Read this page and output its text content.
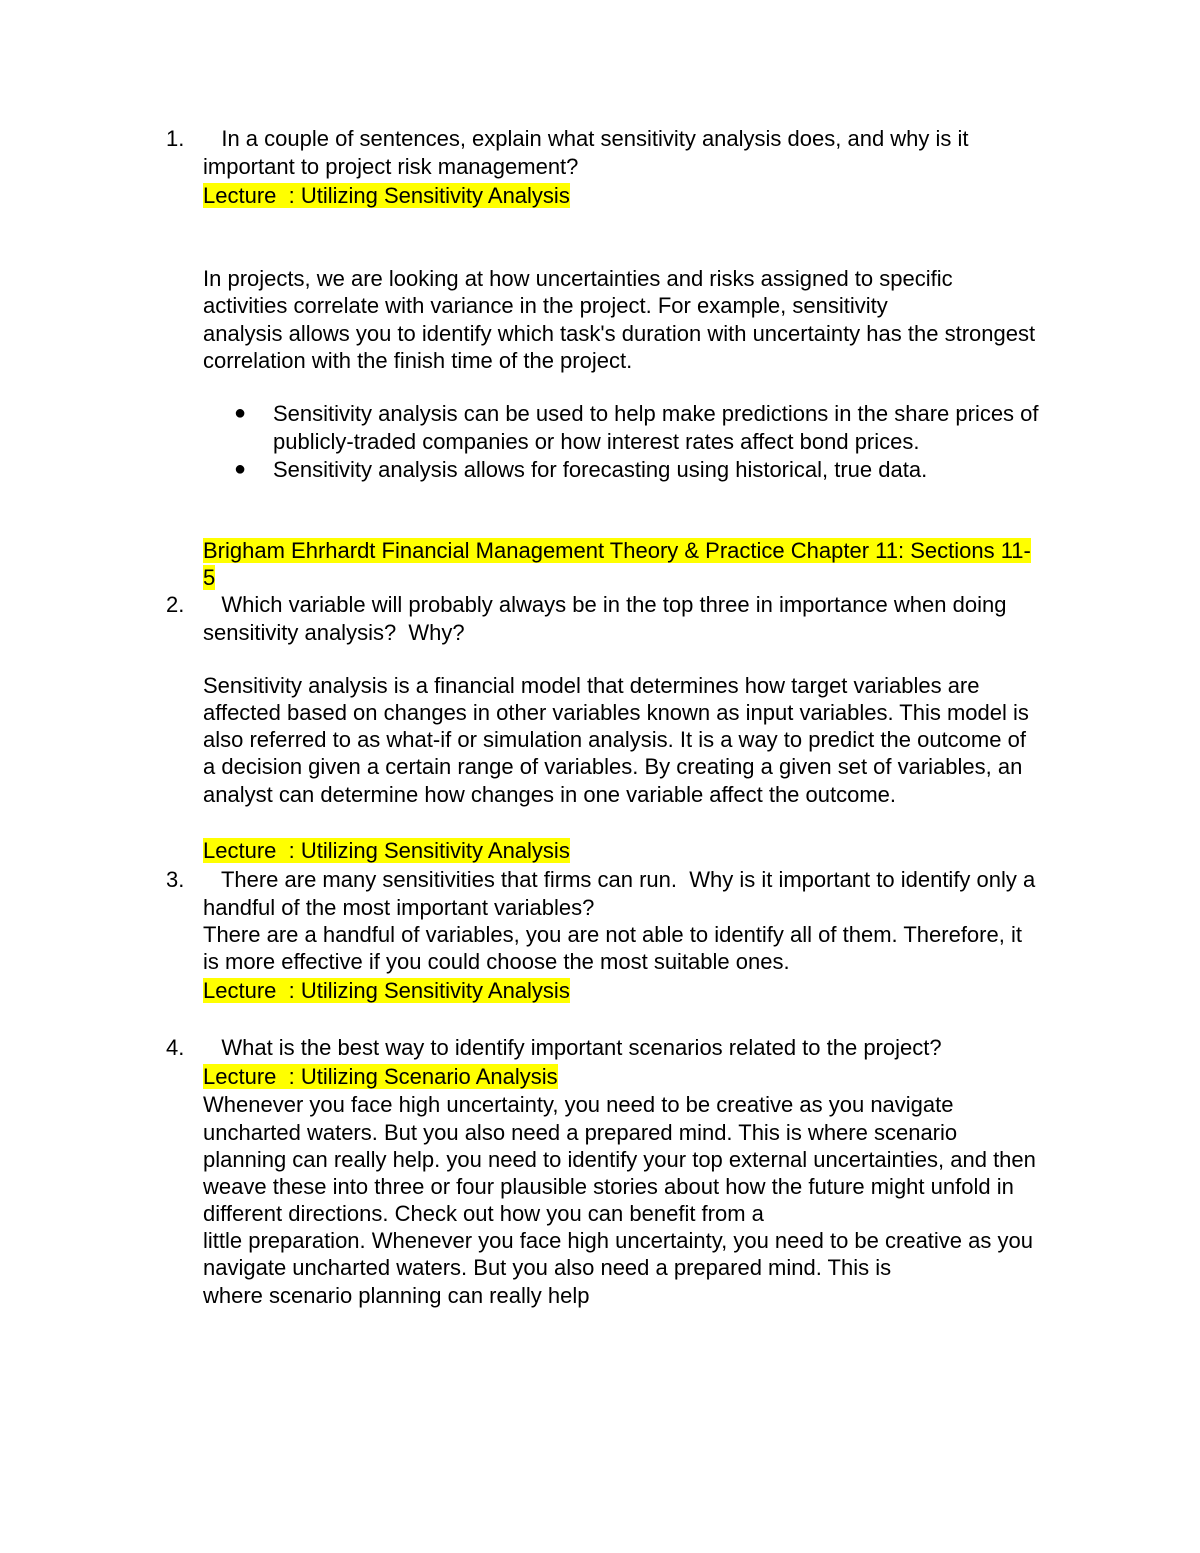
1. In a couple of sentences, explain what sensitivity analysis does, and why is it
important to project risk management?
Lecture  : Utilizing Sensitivity Analysis
In projects, we are looking at how uncertainties and risks assigned to specific
activities correlate with variance in the project. For example, sensitivity
analysis allows you to identify which task's duration with uncertainty has the strongest
correlation with the finish time of the project.
● Sensitivity analysis can be used to help make predictions in the share prices of
publicly-traded companies or how interest rates affect bond prices.
● Sensitivity analysis allows for forecasting using historical, true data.
Brigham Ehrhardt Financial Management Theory & Practice Chapter 11: Sections 11-
5
2. Which variable will probably always be in the top three in importance when doing
sensitivity analysis?  Why?
Sensitivity analysis is a financial model that determines how target variables are
affected based on changes in other variables known as input variables. This model is
also referred to as what-if or simulation analysis. It is a way to predict the outcome of
a decision given a certain range of variables. By creating a given set of variables, an
analyst can determine how changes in one variable affect the outcome.
Lecture  : Utilizing Sensitivity Analysis
3. There are many sensitivities that firms can run.  Why is it important to identify only a
handful of the most important variables?
There are a handful of variables, you are not able to identify all of them. Therefore, it
is more effective if you could choose the most suitable ones.
Lecture  : Utilizing Sensitivity Analysis
4. What is the best way to identify important scenarios related to the project?
Lecture  : Utilizing Scenario Analysis
Whenever you face high uncertainty, you need to be creative as you navigate
uncharted waters. But you also need a prepared mind. This is where scenario
planning can really help. you need to identify your top external uncertainties, and then
weave these into three or four plausible stories about how the future might unfold in
different directions. Check out how you can benefit from a
little preparation. Whenever you face high uncertainty, you need to be creative as you
navigate uncharted waters. But you also need a prepared mind. This is
where scenario planning can really help
